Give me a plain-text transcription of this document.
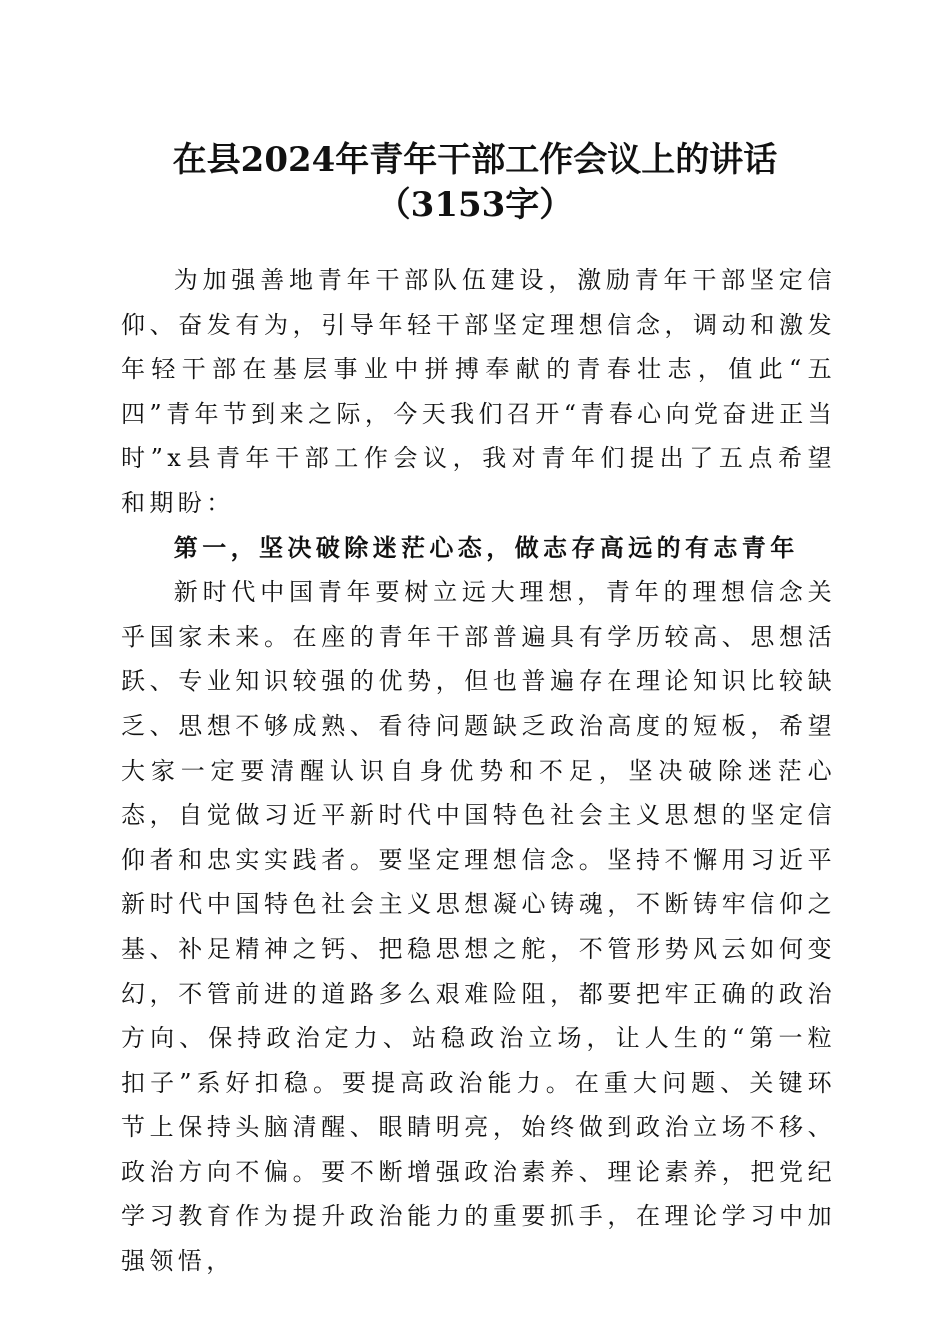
在县2024年青年干部工作会议上的讲话
（3153字）

为加强善地青年干部队伍建设，激励青年干部坚定信仰、奋发有为，引导年轻干部坚定理想信念，调动和激发年轻干部在基层事业中拼搏奉献的青春壮志，值此“五四”青年节到来之际，今天我们召开“青春心向党奋进正当时”x县青年干部工作会议，我对青年们提出了五点希望和期盼：

第一，坚决破除迷茫心态，做志存高远的有志青年

新时代中国青年要树立远大理想，青年的理想信念关乎国家未来。在座的青年干部普遍具有学历较高、思想活跃、专业知识较强的优势，但也普遍存在理论知识比较缺乏、思想不够成熟、看待问题缺乏政治高度的短板，希望大家一定要清醒认识自身优势和不足，坚决破除迷茫心态，自觉做习近平新时代中国特色社会主义思想的坚定信仰者和忠实实践者。要坚定理想信念。坚持不懈用习近平新时代中国特色社会主义思想凝心铸魂，不断铸牢信仰之基、补足精神之钙、把稳思想之舵，不管形势风云如何变幻，不管前进的道路多么艰难险阻，都要把牢正确的政治方向、保持政治定力、站稳政治立场，让人生的“第一粒扣子”系好扣稳。要提高政治能力。在重大问题、关键环节上保持头脑清醒、眼睛明亮，始终做到政治立场不移、政治方向不偏。要不断增强政治素养、理论素养，把党纪学习教育作为提升政治能力的重要抓手，在理论学习中加强领悟，
